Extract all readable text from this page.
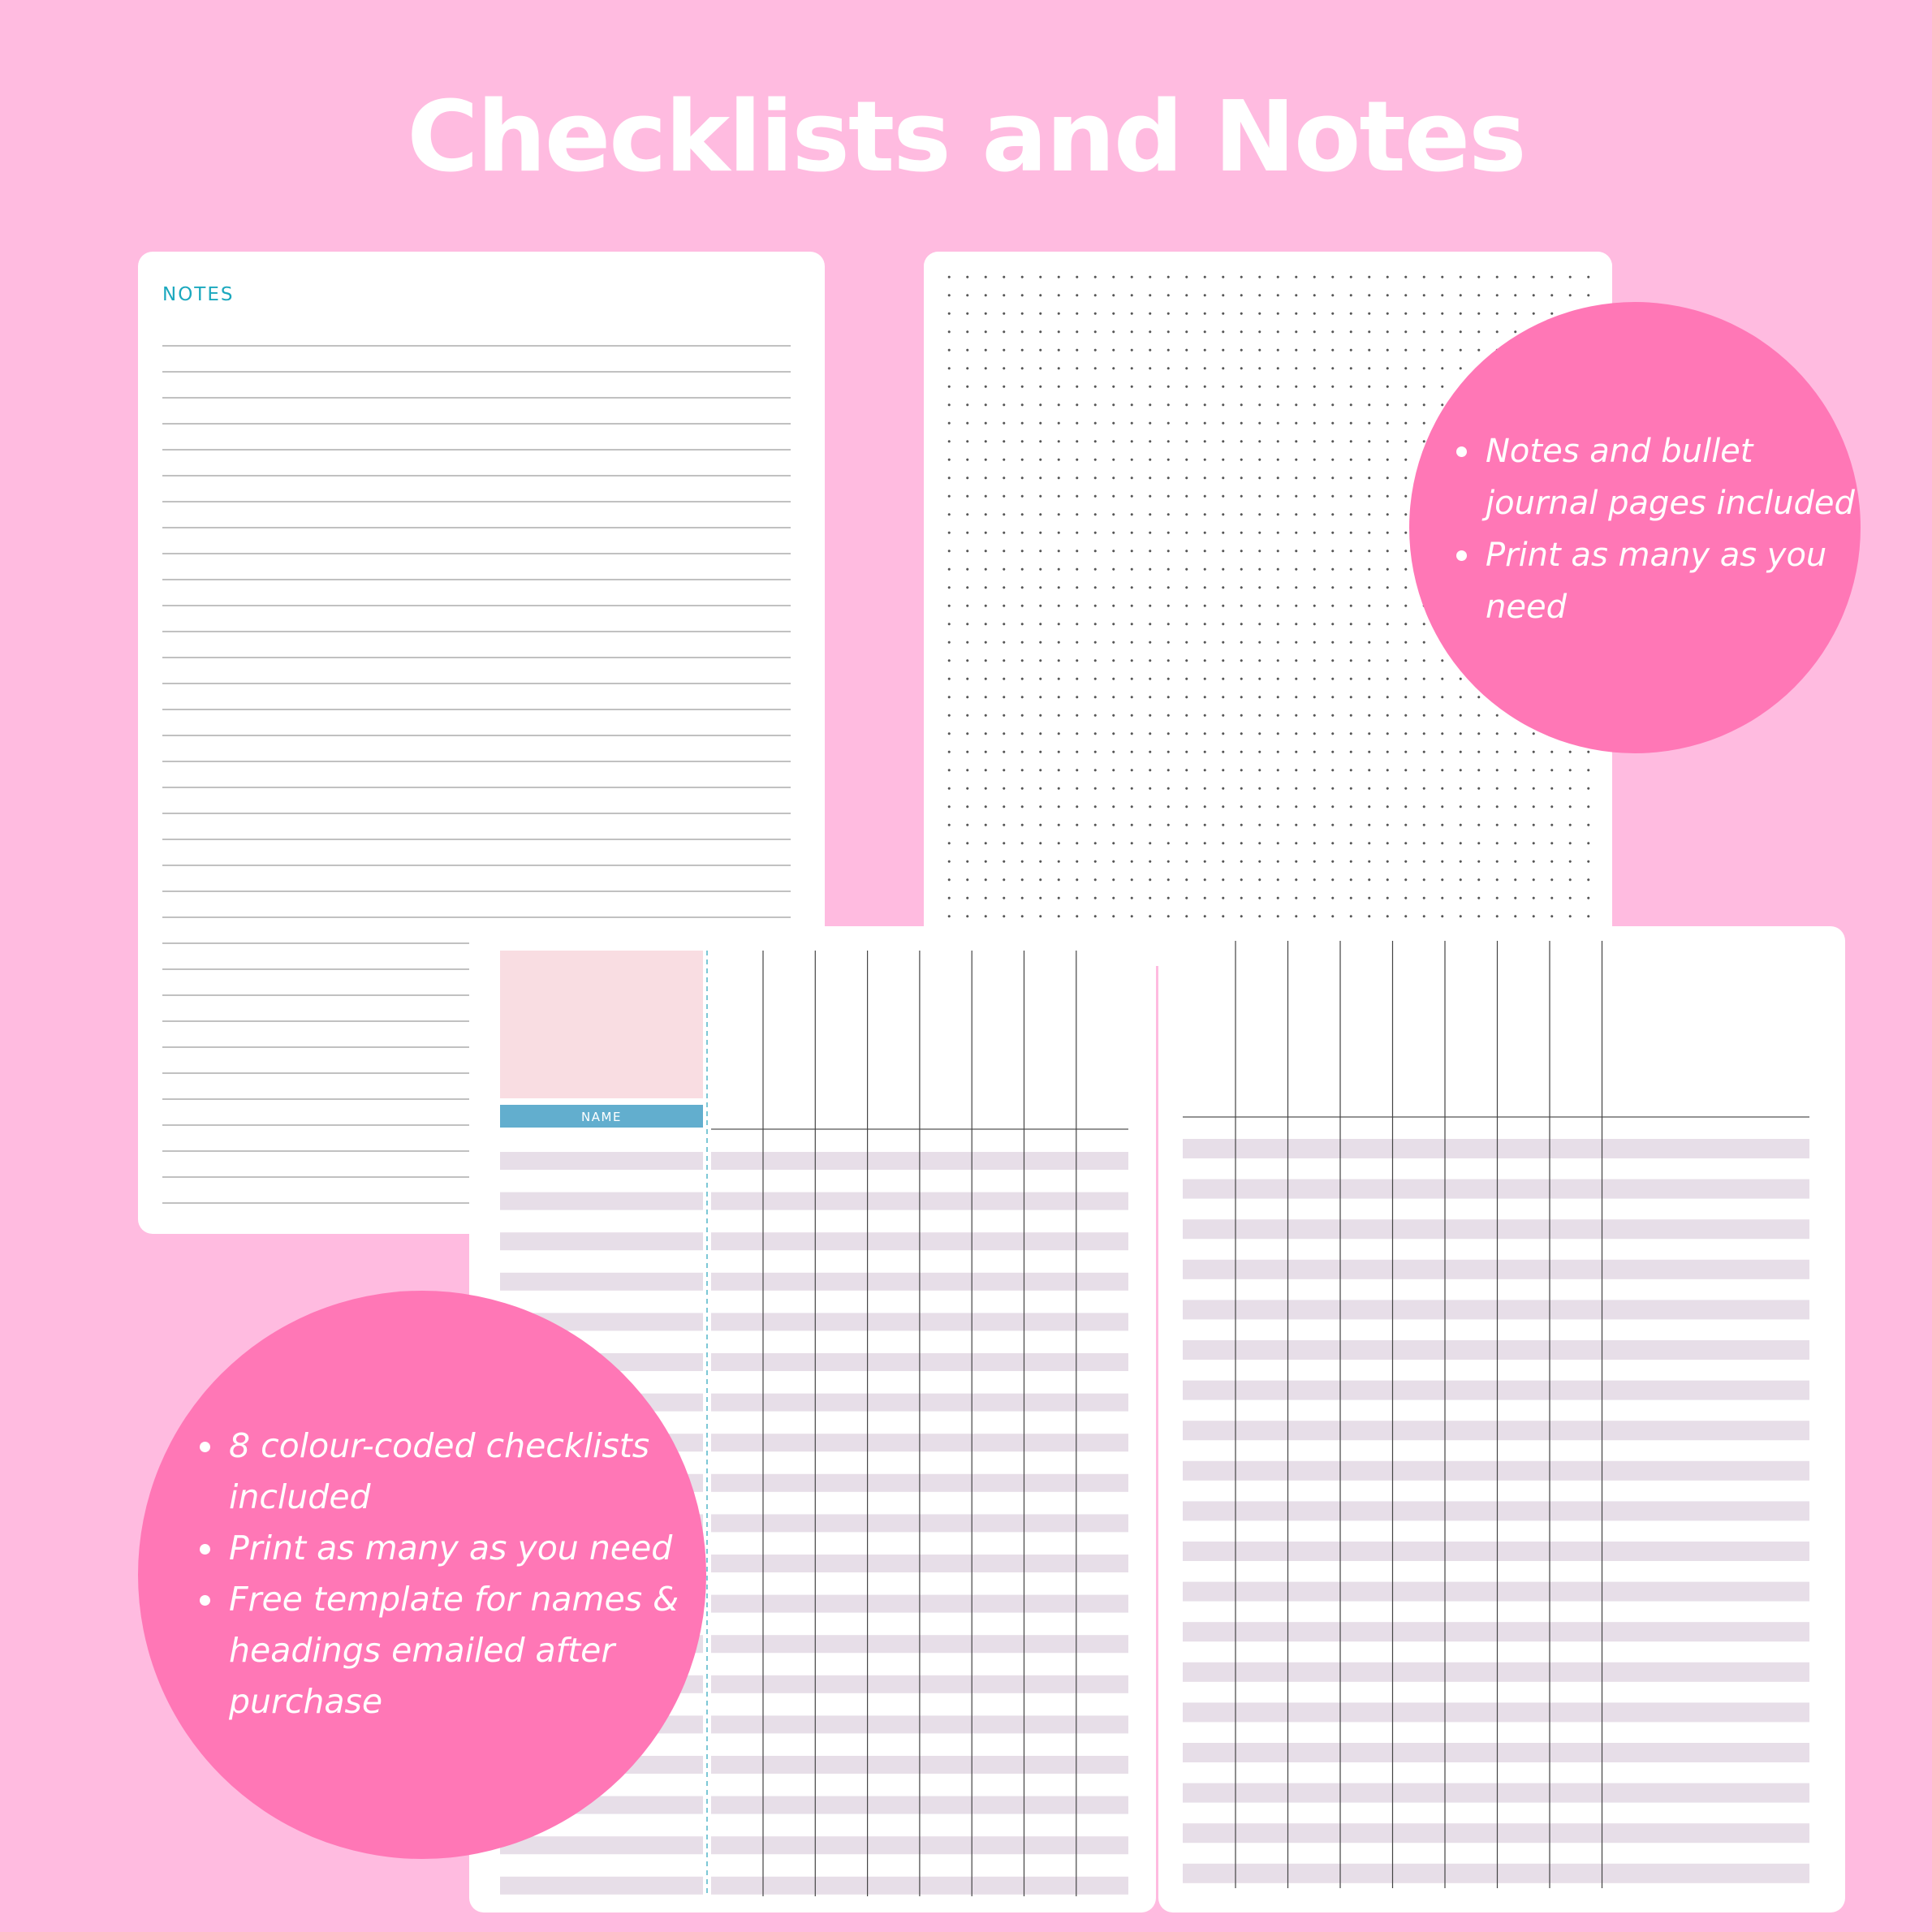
Checklists and Notes
NOTES
NAME
Notes and bullet journal pages included
Print as many as you need
8 colour-coded checklists included
Print as many as you need
Free template for names & headings emailed after purchase
